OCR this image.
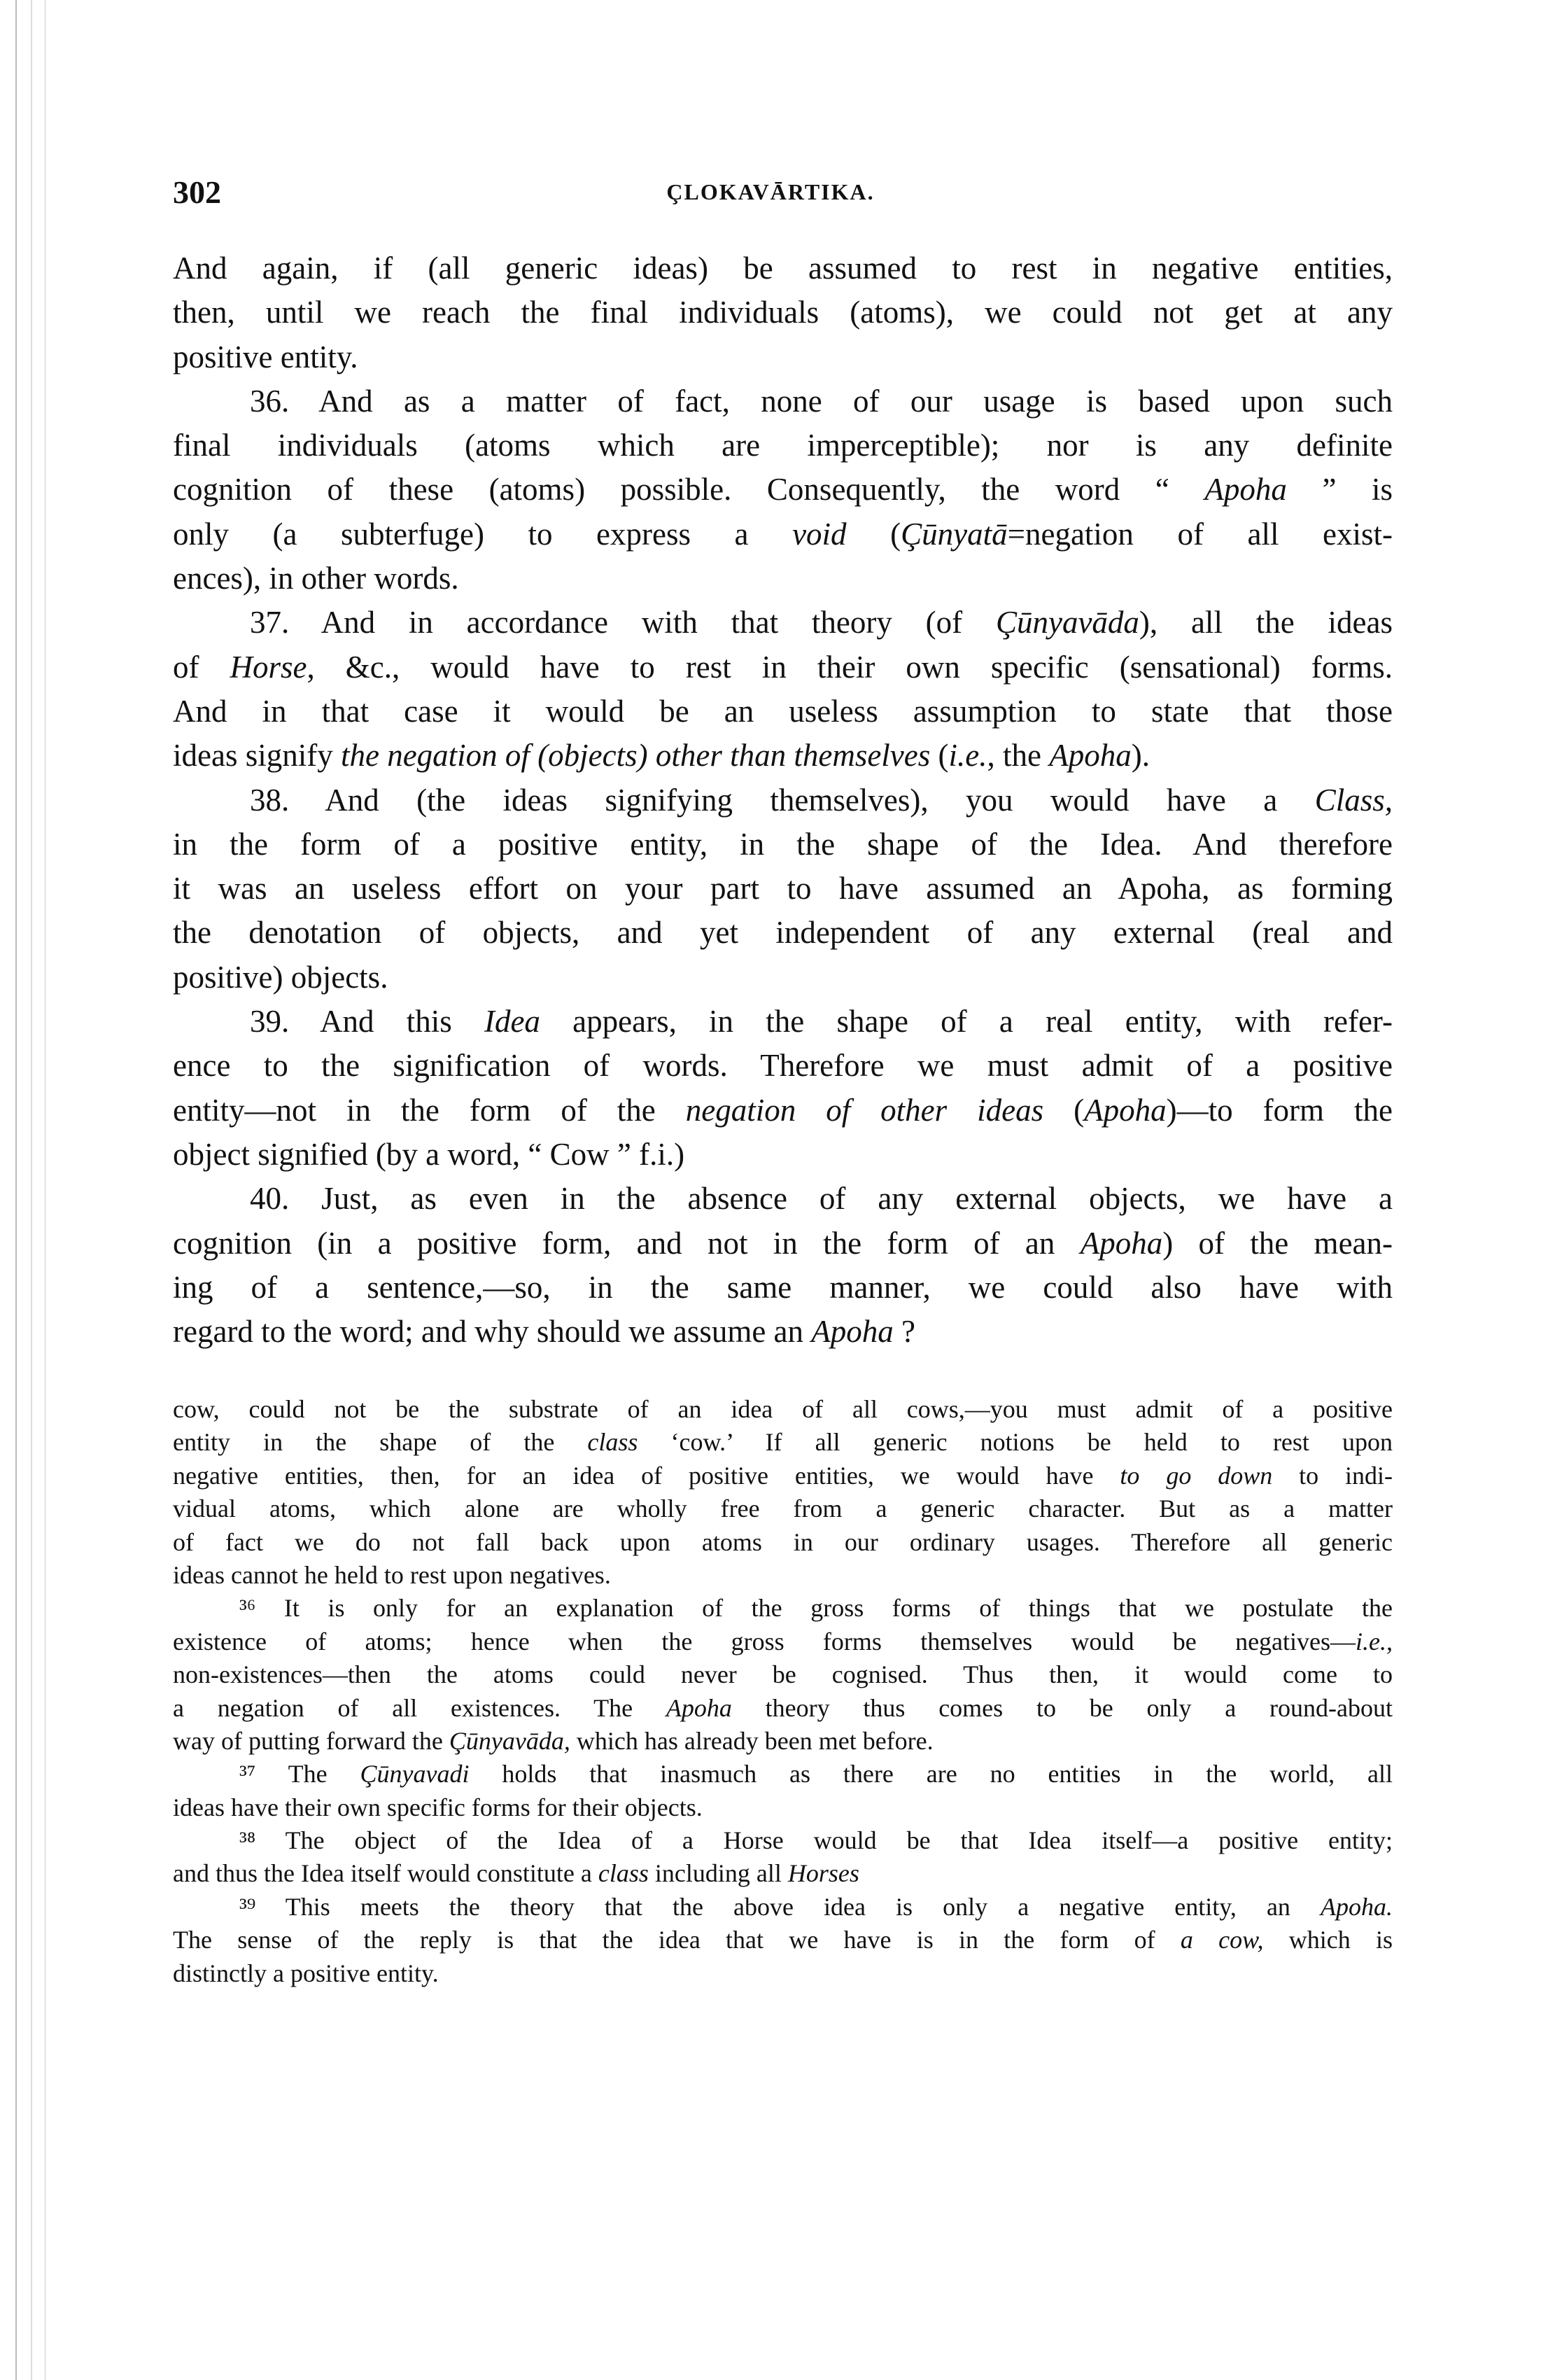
302	ÇLOKAVĀRTIKA.
And again, if (all generic ideas) be assumed to rest in negative entities,
then, until we reach the final individuals (atoms), we could not get at any
positive entity.
36. And as a matter of fact, none of our usage is based upon such
final individuals (atoms which are imperceptible); nor is any definite
cognition of these (atoms) possible. Consequently, the word “ Apoha ” is
only (a subterfuge) to express a void (Çūnyatā=negation of all exist-
ences), in other words.
37. And in accordance with that theory (of Çūnyavāda), all the ideas
of Horse, &c., would have to rest in their own specific (sensational) forms.
And in that case it would be an useless assumption to state that those
ideas signify the negation of (objects) other than themselves (i.e., the Apoha).
38. And (the ideas signifying themselves), you would have a Class,
in the form of a positive entity, in the shape of the Idea. And therefore
it was an useless effort on your part to have assumed an Apoha, as forming
the denotation of objects, and yet independent of any external (real and
positive) objects.
39. And this Idea appears, in the shape of a real entity, with refer-
ence to the signification of words. Therefore we must admit of a positive
entity—not in the form of the negation of other ideas (Apoha)—to form the
object signified (by a word, “ Cow ” f.i.)
40. Just, as even in the absence of any external objects, we have a
cognition (in a positive form, and not in the form of an Apoha) of the mean-
ing of a sentence,—so, in the same manner, we could also have with
regard to the word; and why should we assume an Apoha ?
cow, could not be the substrate of an idea of all cows,—you must admit of a positive
entity in the shape of the class ‘cow.’ If all generic notions be held to rest upon
negative entities, then, for an idea of positive entities, we would have to go down to indi-
vidual atoms, which alone are wholly free from a generic character. But as a matter
of fact we do not fall back upon atoms in our ordinary usages. Therefore all generic
ideas cannot he held to rest upon negatives.
³⁶ It is only for an explanation of the gross forms of things that we postulate the
existence of atoms; hence when the gross forms themselves would be negatives—i.e.,
non-existences—then the atoms could never be cognised. Thus then, it would come to
a negation of all existences. The Apoha theory thus comes to be only a round-about
way of putting forward the Çūnyavāda, which has already been met before.
³⁷ The Çūnyavadi holds that inasmuch as there are no entities in the world, all
ideas have their own specific forms for their objects.
³⁸ The object of the Idea of a Horse would be that Idea itself—a positive entity;
and thus the Idea itself would constitute a class including all Horses
³⁹ This meets the theory that the above idea is only a negative entity, an Apoha.
The sense of the reply is that the idea that we have is in the form of a cow, which is
distinctly a positive entity.
